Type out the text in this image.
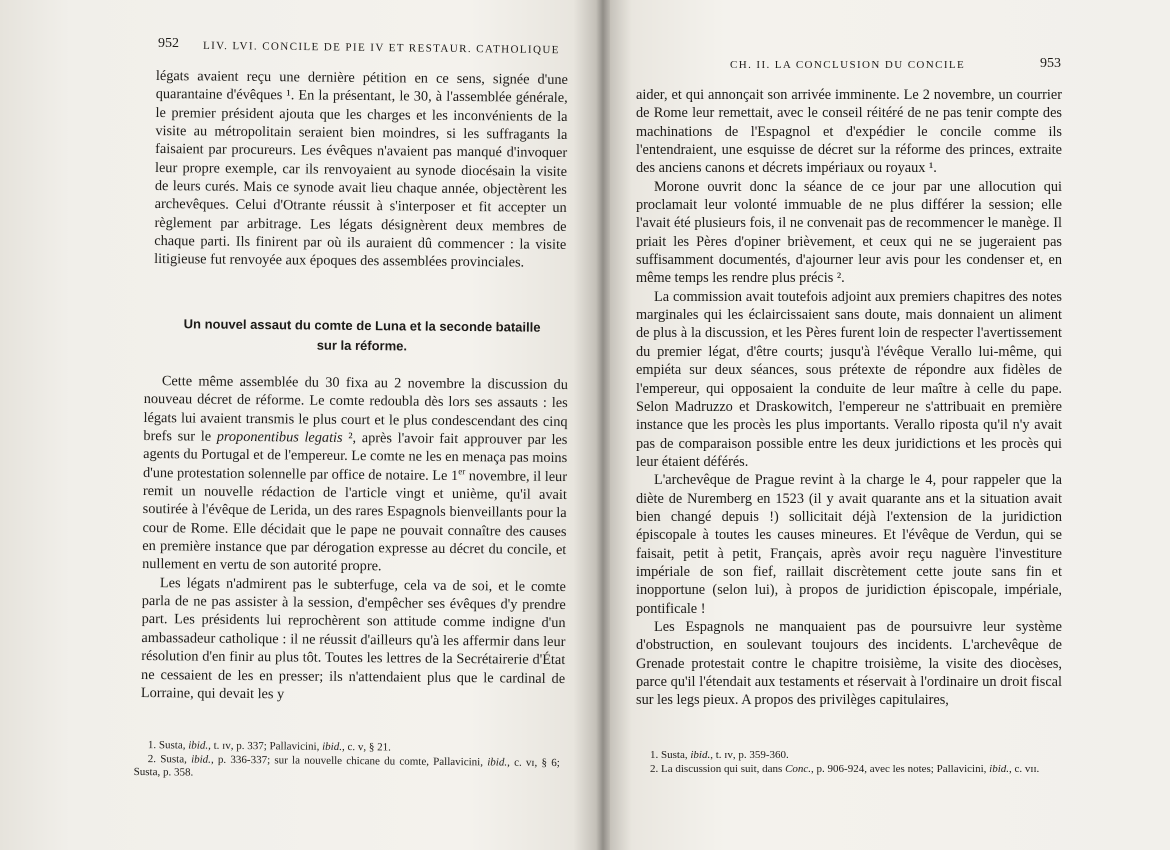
952 LIV. LVI. CONCILE DE PIE IV ET RESTAUR. CATHOLIQUE

légats avaient reçu une dernière pétition en ce sens, signée d'une quarantaine d'évêques ¹. En la présentant, le 30, à l'assemblée générale, le premier président ajouta que les charges et les inconvénients de la visite au métropolitain seraient bien moindres, si les suffragants la faisaient par procureurs. Les évêques n'avaient pas manqué d'invoquer leur propre exemple, car ils renvoyaient au synode diocésain la visite de leurs curés. Mais ce synode avait lieu chaque année, objectèrent les archevêques. Celui d'Otrante réussit à s'interposer et fit accepter un règlement par arbitrage. Les légats désignèrent deux membres de chaque parti. Ils finirent par où ils auraient dû commencer : la visite litigieuse fut renvoyée aux époques des assemblées provinciales.

Un nouvel assaut du comte de Luna et la seconde bataille
sur la réforme.

Cette même assemblée du 30 fixa au 2 novembre la discussion du nouveau décret de réforme. Le comte redoubla dès lors ses assauts : les légats lui avaient transmis le plus court et le plus condescendant des cinq brefs sur le proponentibus legatis ², après l'avoir fait approuver par les agents du Portugal et de l'empereur. Le comte ne les en menaça pas moins d'une protestation solennelle par office de notaire. Le 1er novembre, il leur remit un nouvelle rédaction de l'article vingt et unième, qu'il avait soutirée à l'évêque de Lerida, un des rares Espagnols bienveillants pour la cour de Rome. Elle décidait que le pape ne pouvait connaître des causes en première instance que par dérogation expresse au décret du concile, et nullement en vertu de son autorité propre.

Les légats n'admirent pas le subterfuge, cela va de soi, et le comte parla de ne pas assister à la session, d'empêcher ses évêques d'y prendre part. Les présidents lui reprochèrent son attitude comme indigne d'un ambassadeur catholique : il ne réussit d'ailleurs qu'à les affermir dans leur résolution d'en finir au plus tôt. Toutes les lettres de la Secrétairerie d'État ne cessaient de les en presser; ils n'attendaient plus que le cardinal de Lorraine, qui devait les y

1. Susta, ibid., t. ɪᴠ, p. 337; Pallavicini, ibid., c. ᴠ, § 21.

2. Susta, ibid., p. 336-337; sur la nouvelle chicane du comte, Pallavicini, ibid., c. ᴠɪ, § 6; Susta, p. 358.

CH. II. LA CONCLUSION DU CONCILE	953

aider, et qui annonçait son arrivée imminente. Le 2 novembre, un courrier de Rome leur remettait, avec le conseil réitéré de ne pas tenir compte des machinations de l'Espagnol et d'expédier le concile comme ils l'entendraient, une esquisse de décret sur la réforme des princes, extraite des anciens canons et décrets impériaux ou royaux ¹.

Morone ouvrit donc la séance de ce jour par une allocution qui proclamait leur volonté immuable de ne plus différer la session; elle l'avait été plusieurs fois, il ne convenait pas de recommencer le manège. Il priait les Pères d'opiner brièvement, et ceux qui ne se jugeraient pas suffisamment documentés, d'ajourner leur avis pour les condenser et, en même temps les rendre plus précis ².

La commission avait toutefois adjoint aux premiers chapitres des notes marginales qui les éclaircissaient sans doute, mais donnaient un aliment de plus à la discussion, et les Pères furent loin de respecter l'avertissement du premier légat, d'être courts; jusqu'à l'évêque Verallo lui-même, qui empiéta sur deux séances, sous prétexte de répondre aux fidèles de l'empereur, qui opposaient la conduite de leur maître à celle du pape. Selon Madruzzo et Draskowitch, l'empereur ne s'attribuait en première instance que les procès les plus importants. Verallo riposta qu'il n'y avait pas de comparaison possible entre les deux juridictions et les procès qui leur étaient déférés.

L'archevêque de Prague revint à la charge le 4, pour rappeler que la diète de Nuremberg en 1523 (il y avait quarante ans et la situation avait bien changé depuis !) sollicitait déjà l'extension de la juridiction épiscopale à toutes les causes mineures. Et l'évêque de Verdun, qui se faisait, petit à petit, Français, après avoir reçu naguère l'investiture impériale de son fief, raillait discrètement cette joute sans fin et inopportune (selon lui), à propos de juridiction épiscopale, impériale, pontificale !

Les Espagnols ne manquaient pas de poursuivre leur système d'obstruction, en soulevant toujours des incidents. L'archevêque de Grenade protestait contre le chapitre troisième, la visite des diocèses, parce qu'il l'étendait aux testaments et réservait à l'ordinaire un droit fiscal sur les legs pieux. A propos des privilèges capitulaires,

1. Susta, ibid., t. ɪᴠ, p. 359-360.

2. La discussion qui suit, dans Conc., p. 906-924, avec les notes; Pallavicini, ibid., c. ᴠɪɪ.
